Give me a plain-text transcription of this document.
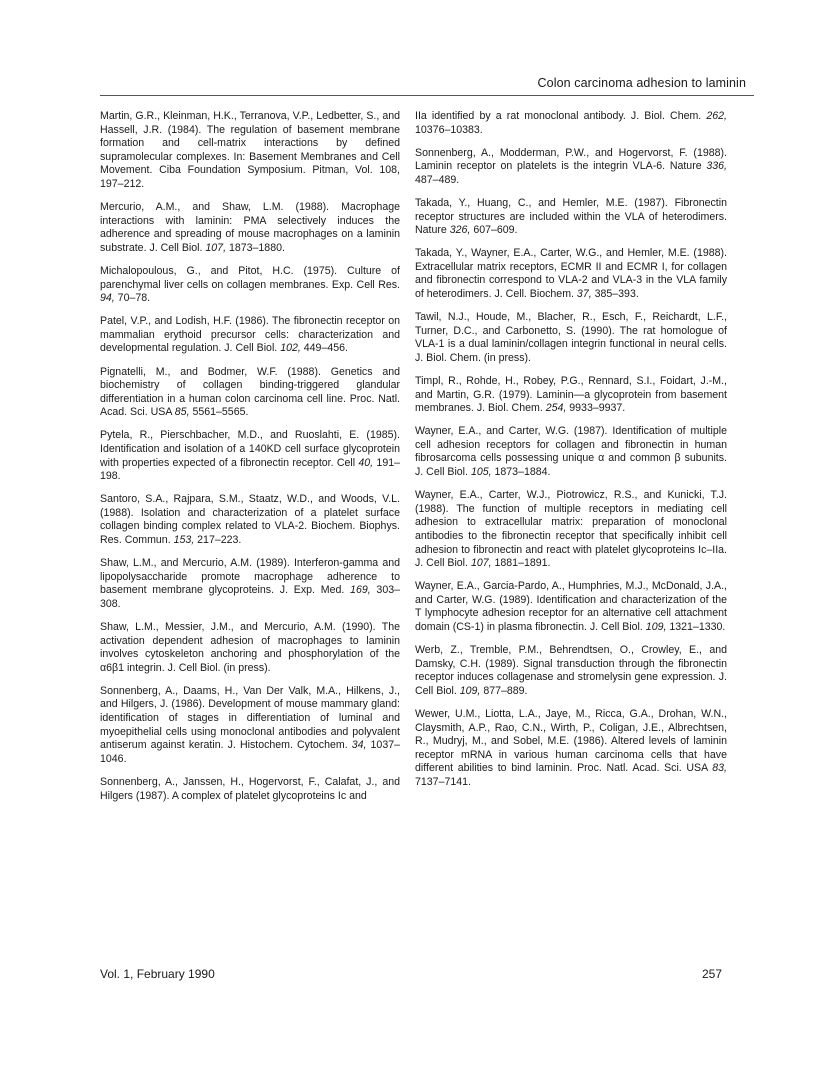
Colon carcinoma adhesion to laminin

Martin, G.R., Kleinman, H.K., Terranova, V.P., Ledbetter, S., and Hassell, J.R. (1984). The regulation of basement membrane formation and cell-matrix interactions by defined supramolecular complexes. In: Basement Membranes and Cell Movement. Ciba Foundation Symposium. Pitman, Vol. 108, 197–212.

Mercurio, A.M., and Shaw, L.M. (1988). Macrophage interactions with laminin: PMA selectively induces the adherence and spreading of mouse macrophages on a laminin substrate. J. Cell Biol. 107, 1873–1880.

Michalopoulous, G., and Pitot, H.C. (1975). Culture of parenchymal liver cells on collagen membranes. Exp. Cell Res. 94, 70–78.

Patel, V.P., and Lodish, H.F. (1986). The fibronectin receptor on mammalian erythoid precursor cells: characterization and developmental regulation. J. Cell Biol. 102, 449–456.

Pignatelli, M., and Bodmer, W.F. (1988). Genetics and biochemistry of collagen binding-triggered glandular differentiation in a human colon carcinoma cell line. Proc. Natl. Acad. Sci. USA 85, 5561–5565.

Pytela, R., Pierschbacher, M.D., and Ruoslahti, E. (1985). Identification and isolation of a 140KD cell surface glycoprotein with properties expected of a fibronectin receptor. Cell 40, 191–198.

Santoro, S.A., Rajpara, S.M., Staatz, W.D., and Woods, V.L. (1988). Isolation and characterization of a platelet surface collagen binding complex related to VLA-2. Biochem. Biophys. Res. Commun. 153, 217–223.

Shaw, L.M., and Mercurio, A.M. (1989). Interferon-gamma and lipopolysaccharide promote macrophage adherence to basement membrane glycoproteins. J. Exp. Med. 169, 303–308.

Shaw, L.M., Messier, J.M., and Mercurio, A.M. (1990). The activation dependent adhesion of macrophages to laminin involves cytoskeleton anchoring and phosphorylation of the α6β1 integrin. J. Cell Biol. (in press).

Sonnenberg, A., Daams, H., Van Der Valk, M.A., Hilkens, J., and Hilgers, J. (1986). Development of mouse mammary gland: identification of stages in differentiation of luminal and myoepithelial cells using monoclonal antibodies and polyvalent antiserum against keratin. J. Histochem. Cytochem. 34, 1037–1046.

Sonnenberg, A., Janssen, H., Hogervorst, F., Calafat, J., and Hilgers (1987). A complex of platelet glycoproteins Ic and

IIa identified by a rat monoclonal antibody. J. Biol. Chem. 262, 10376–10383.

Sonnenberg, A., Modderman, P.W., and Hogervorst, F. (1988). Laminin receptor on platelets is the integrin VLA-6. Nature 336, 487–489.

Takada, Y., Huang, C., and Hemler, M.E. (1987). Fibronectin receptor structures are included within the VLA of heterodimers. Nature 326, 607–609.

Takada, Y., Wayner, E.A., Carter, W.G., and Hemler, M.E. (1988). Extracellular matrix receptors, ECMR II and ECMR I, for collagen and fibronectin correspond to VLA-2 and VLA-3 in the VLA family of heterodimers. J. Cell. Biochem. 37, 385–393.

Tawil, N.J., Houde, M., Blacher, R., Esch, F., Reichardt, L.F., Turner, D.C., and Carbonetto, S. (1990). The rat homologue of VLA-1 is a dual laminin/collagen integrin functional in neural cells. J. Biol. Chem. (in press).

Timpl, R., Rohde, H., Robey, P.G., Rennard, S.I., Foidart, J.-M., and Martin, G.R. (1979). Laminin—a glycoprotein from basement membranes. J. Biol. Chem. 254, 9933–9937.

Wayner, E.A., and Carter, W.G. (1987). Identification of multiple cell adhesion receptors for collagen and fibronectin in human fibrosarcoma cells possessing unique α and common β subunits. J. Cell Biol. 105, 1873–1884.

Wayner, E.A., Carter, W.J., Piotrowicz, R.S., and Kunicki, T.J. (1988). The function of multiple receptors in mediating cell adhesion to extracellular matrix: preparation of monoclonal antibodies to the fibronectin receptor that specifically inhibit cell adhesion to fibronectin and react with platelet glycoproteins Ic–IIa. J. Cell Biol. 107, 1881–1891.

Wayner, E.A., Garcia-Pardo, A., Humphries, M.J., McDonald, J.A., and Carter, W.G. (1989). Identification and characterization of the T lymphocyte adhesion receptor for an alternative cell attachment domain (CS-1) in plasma fibronectin. J. Cell Biol. 109, 1321–1330.

Werb, Z., Tremble, P.M., Behrendtsen, O., Crowley, E., and Damsky, C.H. (1989). Signal transduction through the fibronectin receptor induces collagenase and stromelysin gene expression. J. Cell Biol. 109, 877–889.

Wewer, U.M., Liotta, L.A., Jaye, M., Ricca, G.A., Drohan, W.N., Claysmith, A.P., Rao, C.N., Wirth, P., Coligan, J.E., Albrechtsen, R., Mudryj, M., and Sobel, M.E. (1986). Altered levels of laminin receptor mRNA in various human carcinoma cells that have different abilities to bind laminin. Proc. Natl. Acad. Sci. USA 83, 7137–7141.

Vol. 1, February 1990	257
